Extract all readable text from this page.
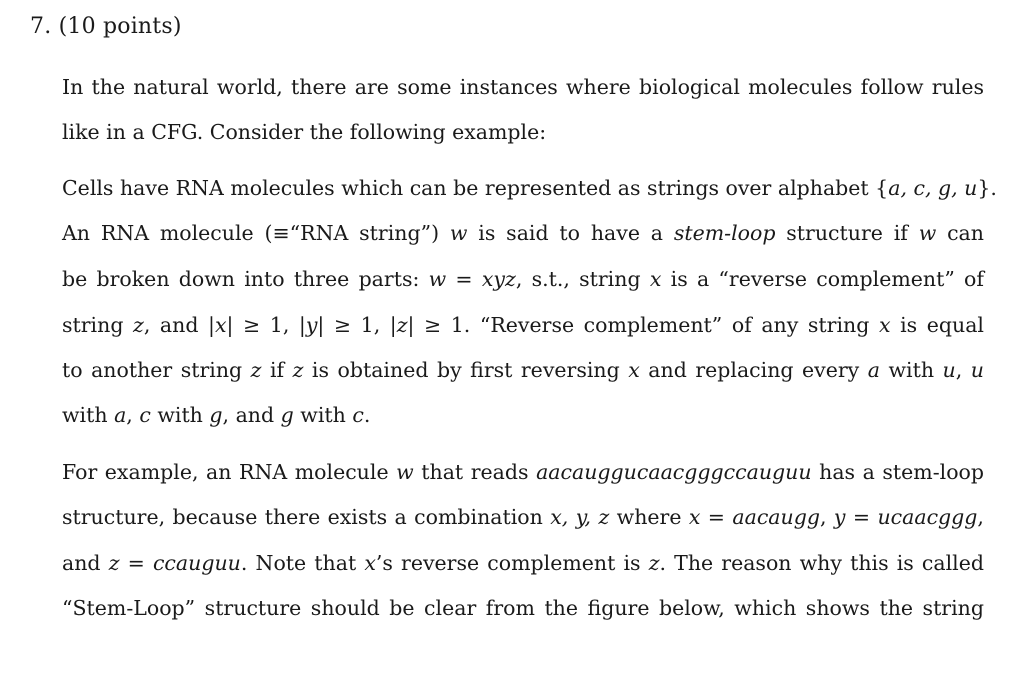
7. (10 points)
In the natural world, there are some instances where biological molecules follow rules
like in a CFG. Consider the following example:
Cells have RNA molecules which can be represented as strings over alphabet {a, c, g, u}.
An RNA molecule (≡“RNA string”) w is said to have a stem-loop structure if w can
be broken down into three parts: w = xyz, s.t., string x is a “reverse complement” of
string z, and |x| ≥ 1, |y| ≥ 1, |z| ≥ 1. “Reverse complement” of any string x is equal
to another string z if z is obtained by first reversing x and replacing every a with u, u
with a, c with g, and g with c.
For example, an RNA molecule w that reads aacauggucaacgggccauguu has a stem-loop
structure, because there exists a combination x, y, z where x = aacaugg, y = ucaacggg,
and z = ccauguu. Note that x’s reverse complement is z. The reason why this is called
“Stem-Loop” structure should be clear from the figure below, which shows the string
